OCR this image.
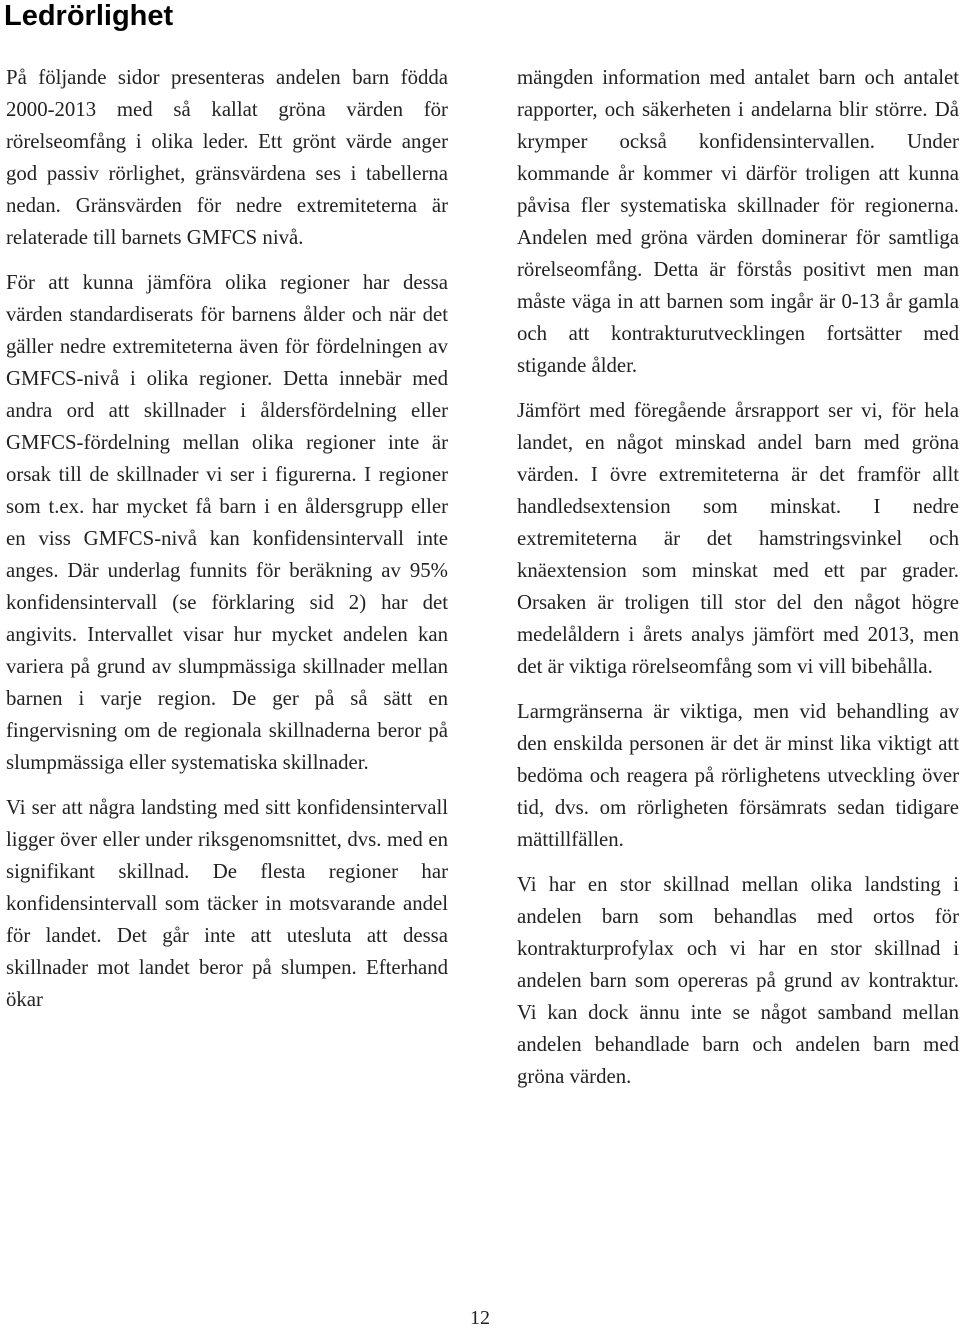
Ledrörlighet

På följande sidor presenteras andelen barn födda 2000-2013 med så kallat gröna värden för rörelseomfång i olika leder. Ett grönt värde anger god passiv rörlighet, gränsvärdena ses i tabellerna nedan. Gränsvärden för nedre extremiteterna är relaterade till barnets GMFCS nivå.

För att kunna jämföra olika regioner har dessa värden standardiserats för barnens ålder och när det gäller nedre extremiteterna även för fördelningen av GMFCS-nivå i olika regioner. Detta innebär med andra ord att skillnader i åldersfördelning eller GMFCS-fördelning mellan olika regioner inte är orsak till de skillnader vi ser i figurerna. I regioner som t.ex. har mycket få barn i en åldersgrupp eller en viss GMFCS-nivå kan konfidensintervall inte anges. Där underlag funnits för beräkning av 95% konfidensintervall (se förklaring sid 2) har det angivits. Intervallet visar hur mycket andelen kan variera på grund av slumpmässiga skillnader mellan barnen i varje region. De ger på så sätt en fingervisning om de regionala skillnaderna beror på slumpmässiga eller systematiska skillnader.

Vi ser att några landsting med sitt konfidensintervall ligger över eller under riksgenomsnittet, dvs. med en signifikant skillnad. De flesta regioner har konfidensintervall som täcker in motsvarande andel för landet. Det går inte att utesluta att dessa skillnader mot landet beror på slumpen. Efterhand ökar

mängden information med antalet barn och antalet rapporter, och säkerheten i andelarna blir större. Då krymper också konfidensintervallen. Under kommande år kommer vi därför troligen att kunna påvisa fler systematiska skillnader för regionerna. Andelen med gröna värden dominerar för samtliga rörelseomfång. Detta är förstås positivt men man måste väga in att barnen som ingår är 0-13 år gamla och att kontrakturutvecklingen fortsätter med stigande ålder.

Jämfört med föregående årsrapport ser vi, för hela landet, en något minskad andel barn med gröna värden. I övre extremiteterna är det framför allt handledsextension som minskat. I nedre extremiteterna är det hamstringsvinkel och knäextension som minskat med ett par grader. Orsaken är troligen till stor del den något högre medelåldern i årets analys jämfört med 2013, men det är viktiga rörelseomfång som vi vill bibehålla.

Larmgränserna är viktiga, men vid behandling av den enskilda personen är det är minst lika viktigt att bedöma och reagera på rörlighetens utveckling över tid, dvs. om rörligheten försämrats sedan tidigare mättillfällen.

Vi har en stor skillnad mellan olika landsting i andelen barn som behandlas med ortos för kontrakturprofylax och vi har en stor skillnad i andelen barn som opereras på grund av kontraktur. Vi kan dock ännu inte se något samband mellan andelen behandlade barn och andelen barn med gröna värden.

12
